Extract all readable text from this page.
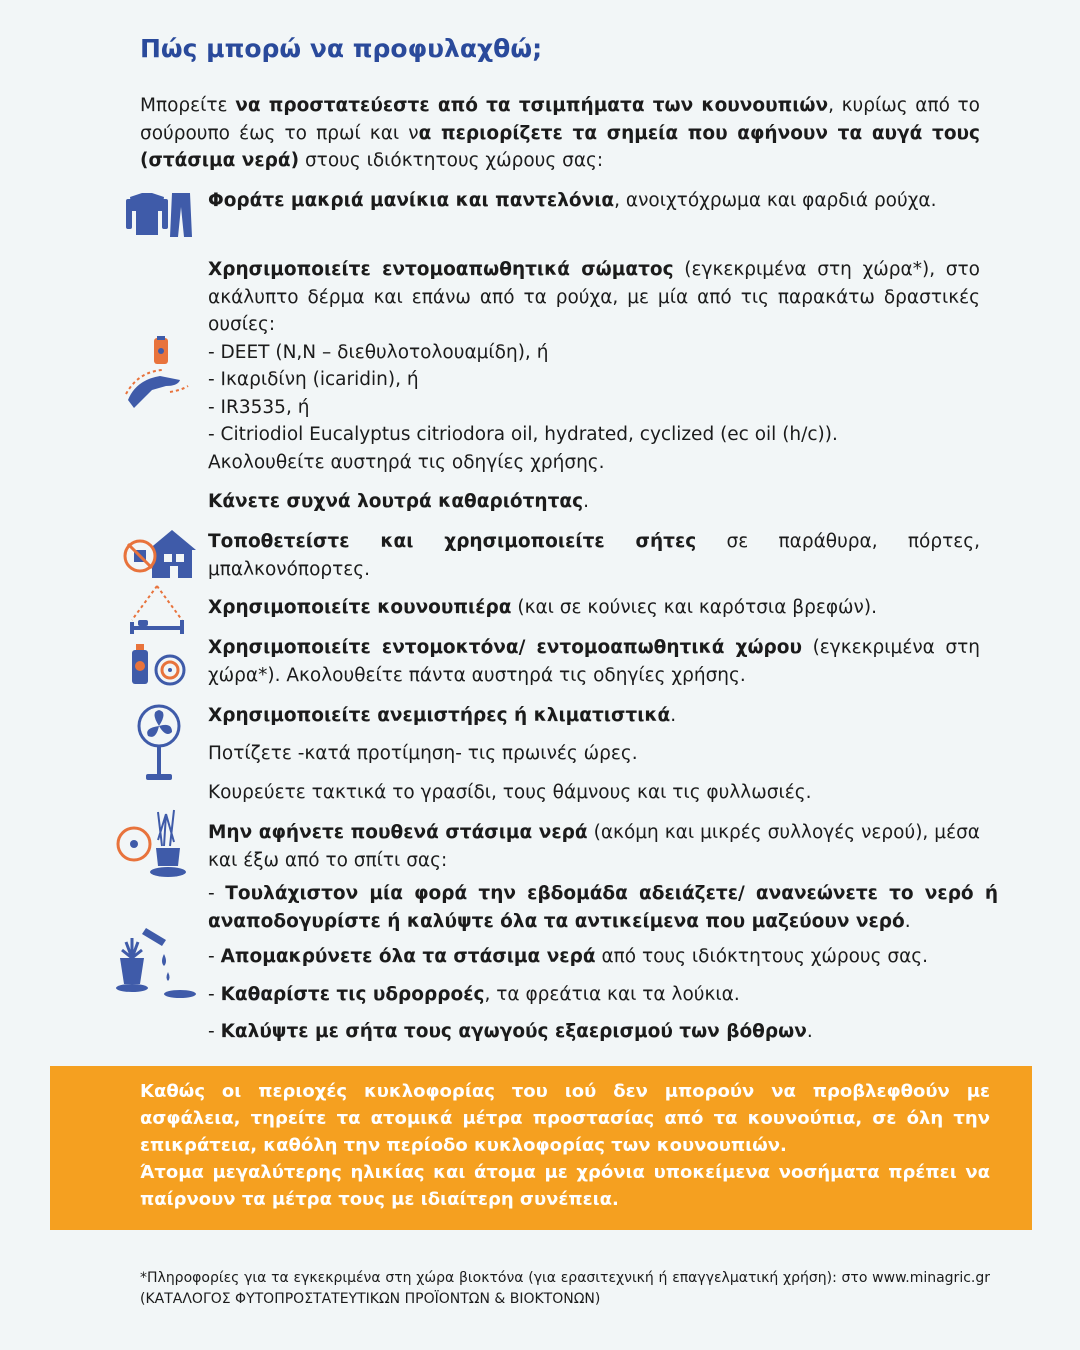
Πώς μπορώ να προφυλαχθώ;

Μπορείτε να προστατεύεστε από τα τσιμπήματα των κουνουπιών, κυρίως από το σούρουπο έως το πρωί και να περιορίζετε τα σημεία που αφήνουν τα αυγά τους (στάσιμα νερά) στους ιδιόκτητους χώρους σας:

Φοράτε μακριά μανίκια και παντελόνια, ανοιχτόχρωμα και φαρδιά ρούχα.

Χρησιμοποιείτε εντομοαπωθητικά σώματος (εγκεκριμένα στη χώρα*), στο ακάλυπτο δέρμα και επάνω από τα ρούχα, με μία από τις παρακάτω δραστικές ουσίες:
- DEET (N,N – διεθυλοτολουαμίδη), ή
- Ικαριδίνη (icaridin), ή
- IR3535, ή
- Citriodiol Eucalyptus citriodora oil, hydrated, cyclized (ec oil (h/c)).
Ακολουθείτε αυστηρά τις οδηγίες χρήσης.

Κάνετε συχνά λουτρά καθαριότητας.

Τοποθετείστε και χρησιμοποιείτε σήτες σε παράθυρα, πόρτες, μπαλκονόπορτες.

Χρησιμοποιείτε κουνουπιέρα (και σε κούνιες και καρότσια βρεφών).

Χρησιμοποιείτε εντομοκτόνα/ εντομοαπωθητικά χώρου (εγκεκριμένα στη χώρα*). Ακολουθείτε πάντα αυστηρά τις οδηγίες χρήσης.

Χρησιμοποιείτε ανεμιστήρες ή κλιματιστικά.

Ποτίζετε -κατά προτίμηση- τις πρωινές ώρες.

Κουρεύετε τακτικά το γρασίδι, τους θάμνους και τις φυλλωσιές.

Μην αφήνετε πουθενά στάσιμα νερά (ακόμη και μικρές συλλογές νερού), μέσα και έξω από το σπίτι σας:

- Τουλάχιστον μία φορά την εβδομάδα αδειάζετε/ ανανεώνετε το νερό ή αναποδογυρίστε ή καλύψτε όλα τα αντικείμενα που μαζεύουν νερό.
- Απομακρύνετε όλα τα στάσιμα νερά από τους ιδιόκτητους χώρους σας.
- Καθαρίστε τις υδρορροές, τα φρεάτια και τα λούκια.
- Καλύψτε με σήτα τους αγωγούς εξαερισμού των βόθρων.

Καθώς οι περιοχές κυκλοφορίας του ιού δεν μπορούν να προβλεφθούν με ασφάλεια, τηρείτε τα ατομικά μέτρα προστασίας από τα κουνούπια, σε όλη την επικράτεια, καθόλη την περίοδο κυκλοφορίας των κουνουπιών.
Άτομα μεγαλύτερης ηλικίας και άτομα με χρόνια υποκείμενα νοσήματα πρέπει να παίρνουν τα μέτρα τους με ιδιαίτερη συνέπεια.

*Πληροφορίες για τα εγκεκριμένα στη χώρα βιοκτόνα (για ερασιτεχνική ή επαγγελματική χρήση): στο www.minagric.gr (ΚΑΤΑΛΟΓΟΣ ΦΥΤΟΠΡΟΣΤΑΤΕΥΤΙΚΩΝ ΠΡΟΪΟΝΤΩΝ & ΒΙΟΚΤΟΝΩΝ)
